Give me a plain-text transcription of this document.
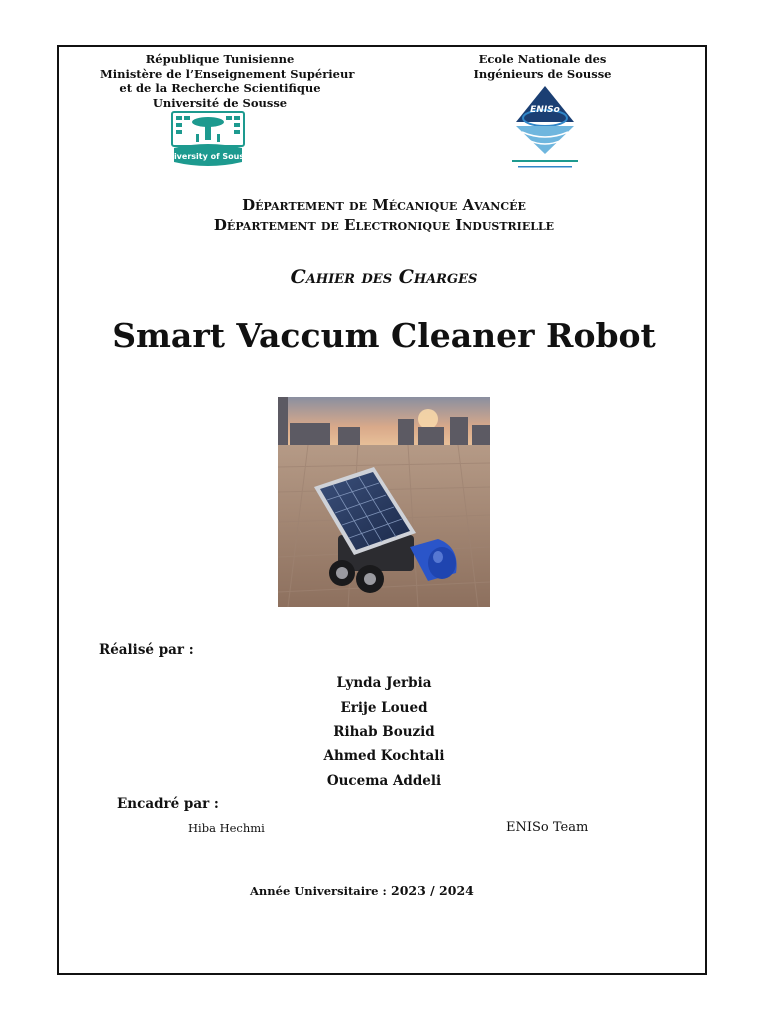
République Tunisienne
Ministère de l’Enseignement Supérieur
et de la Recherche Scientifique
Université de Sousse
Ecole Nationale des
Ingénieurs de Sousse
University of Sousse
ENISo
Département de Mécanique Avancée
Département de Electronique Industrielle
Cahier des Charges
Smart Vaccum Cleaner Robot
Réalisé par :
Lynda Jerbia
Erije Loued
Rihab Bouzid
Ahmed Kochtali
Oucema Addeli
Encadré par :
Hiba Hechmi	ENISo Team
Année Universitaire : 2023 / 2024
